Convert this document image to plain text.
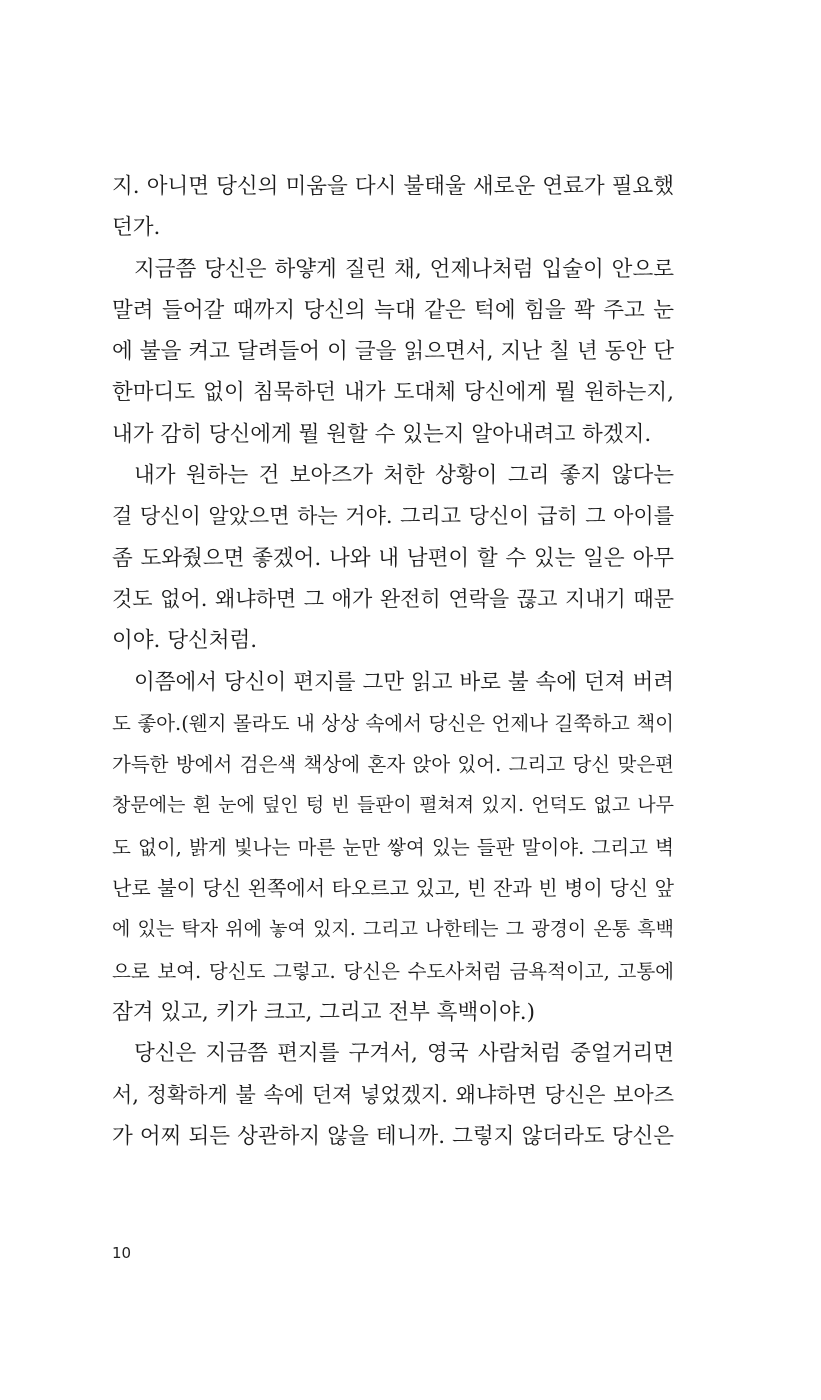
지. 아니면 당신의 미움을 다시 불태울 새로운 연료가 필요했
던가.
지금쯤 당신은 하얗게 질린 채, 언제나처럼 입술이 안으로
말려 들어갈 때까지 당신의 늑대 같은 턱에 힘을 꽉 주고 눈
에 불을 켜고 달려들어 이 글을 읽으면서, 지난 칠 년 동안 단
한마디도 없이 침묵하던 내가 도대체 당신에게 뭘 원하는지,
내가 감히 당신에게 뭘 원할 수 있는지 알아내려고 하겠지.
내가 원하는 건 보아즈가 처한 상황이 그리 좋지 않다는
걸 당신이 알았으면 하는 거야. 그리고 당신이 급히 그 아이를
좀 도와줬으면 좋겠어. 나와 내 남편이 할 수 있는 일은 아무
것도 없어. 왜냐하면 그 애가 완전히 연락을 끊고 지내기 때문
이야. 당신처럼.
이쯤에서 당신이 편지를 그만 읽고 바로 불 속에 던져 버려
도 좋아.(웬지 몰라도 내 상상 속에서 당신은 언제나 길쭉하고 책이
가득한 방에서 검은색 책상에 혼자 앉아 있어. 그리고 당신 맞은편
창문에는 흰 눈에 덮인 텅 빈 들판이 펼쳐져 있지. 언덕도 없고 나무
도 없이, 밝게 빛나는 마른 눈만 쌓여 있는 들판 말이야. 그리고 벽
난로 불이 당신 왼쪽에서 타오르고 있고, 빈 잔과 빈 병이 당신 앞
에 있는 탁자 위에 놓여 있지. 그리고 나한테는 그 광경이 온통 흑백
으로 보여. 당신도 그렇고. 당신은 수도사처럼 금욕적이고, 고통에
잠겨 있고, 키가 크고, 그리고 전부 흑백이야.)
당신은 지금쯤 편지를 구겨서, 영국 사람처럼 중얼거리면
서, 정확하게 불 속에 던져 넣었겠지. 왜냐하면 당신은 보아즈
가 어찌 되든 상관하지 않을 테니까. 그렇지 않더라도 당신은
10
